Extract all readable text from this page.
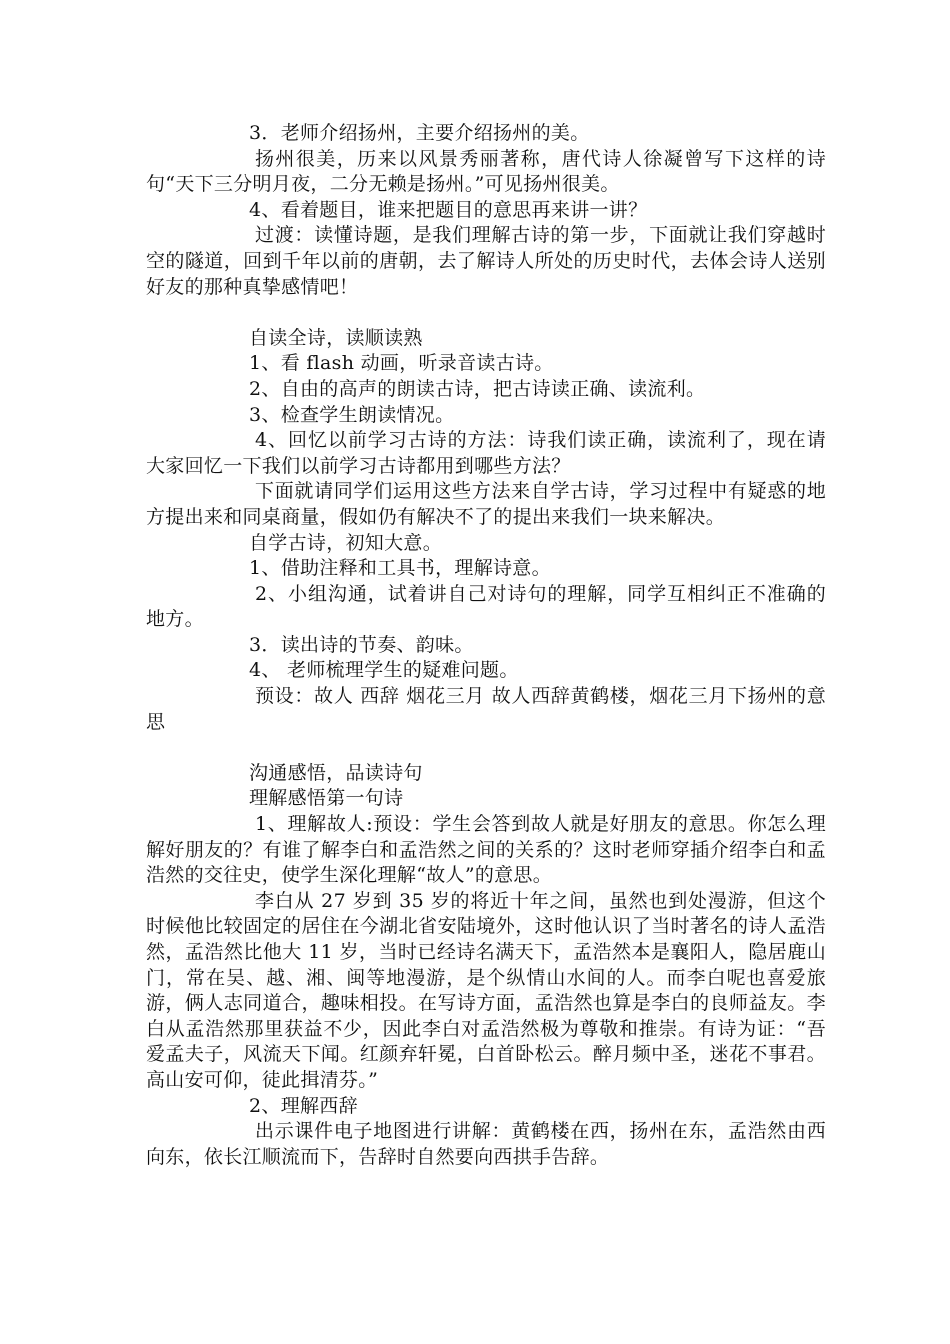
3．老师介绍扬州，主要介绍扬州的美。

扬州很美，历来以风景秀丽著称，唐代诗人徐凝曾写下这样的诗句“天下三分明月夜，二分无赖是扬州。”可见扬州很美。

4、看着题目，谁来把题目的意思再来讲一讲？

过渡：读懂诗题，是我们理解古诗的第一步，下面就让我们穿越时空的隧道，回到千年以前的唐朝，去了解诗人所处的历史时代，去体会诗人送别好友的那种真挚感情吧！

自读全诗，读顺读熟

1、看 flash 动画，听录音读古诗。

2、自由的高声的朗读古诗，把古诗读正确、读流利。

3、检查学生朗读情况。

4、回忆以前学习古诗的方法：诗我们读正确，读流利了，现在请大家回忆一下我们以前学习古诗都用到哪些方法？

下面就请同学们运用这些方法来自学古诗，学习过程中有疑惑的地方提出来和同桌商量，假如仍有解决不了的提出来我们一块来解决。

自学古诗，初知大意。

1、借助注释和工具书，理解诗意。

2、小组沟通，试着讲自己对诗句的理解，同学互相纠正不准确的地方。

3．读出诗的节奏、韵味。

4、 老师梳理学生的疑难问题。

预设：故人 西辞 烟花三月 故人西辞黄鹤楼，烟花三月下扬州的意思

沟通感悟，品读诗句

理解感悟第一句诗

1、理解故人:预设：学生会答到故人就是好朋友的意思。你怎么理解好朋友的？有谁了解李白和孟浩然之间的关系的？这时老师穿插介绍李白和孟浩然的交往史，使学生深化理解“故人”的意思。

李白从 27 岁到 35 岁的将近十年之间，虽然也到处漫游，但这个时候他比较固定的居住在今湖北省安陆境外，这时他认识了当时著名的诗人孟浩然，孟浩然比他大 11 岁，当时已经诗名满天下，孟浩然本是襄阳人，隐居鹿山门，常在吴、越、湘、闽等地漫游，是个纵情山水间的人。而李白呢也喜爱旅游，俩人志同道合，趣味相投。在写诗方面，孟浩然也算是李白的良师益友。李白从孟浩然那里获益不少，因此李白对孟浩然极为尊敬和推崇。有诗为证：“吾爱孟夫子，风流天下闻。红颜弃轩冕，白首卧松云。醉月频中圣，迷花不事君。高山安可仰，徒此揖清芬。”

2、理解西辞

出示课件电子地图进行讲解：黄鹤楼在西，扬州在东，孟浩然由西向东，依长江顺流而下，告辞时自然要向西拱手告辞。
